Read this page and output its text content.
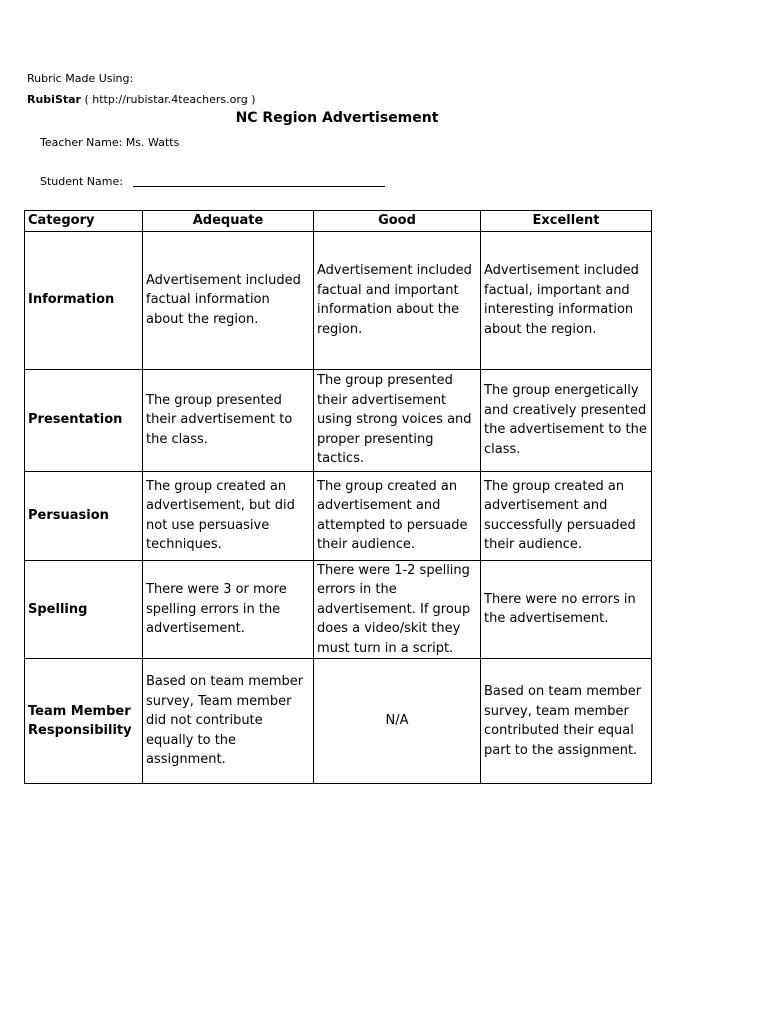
Rubric Made Using:
RubiStar ( http://rubistar.4teachers.org )
NC Region Advertisement
Teacher Name: Ms. Watts
Student Name:
Category	Adequate	Good	Excellent
Information	Advertisement included factual information about the region.	Advertisement included factual and important information about the region.	Advertisement included factual, important and interesting information about the region.
Presentation	The group presented their advertisement to the class.	The group presented their advertisement using strong voices and proper presenting tactics.	The group energetically and creatively presented the advertisement to the class.
Persuasion	The group created an advertisement, but did not use persuasive techniques.	The group created an advertisement and attempted to persuade their audience.	The group created an advertisement and successfully persuaded their audience.
Spelling	There were 3 or more spelling errors in the advertisement.	There were 1-2 spelling errors in the advertisement. If group does a video/skit they must turn in a script.	There were no errors in the advertisement.
Team Member Responsibility	Based on team member survey, Team member did not contribute equally to the assignment.	N/A	Based on team member survey, team member contributed their equal part to the assignment.
